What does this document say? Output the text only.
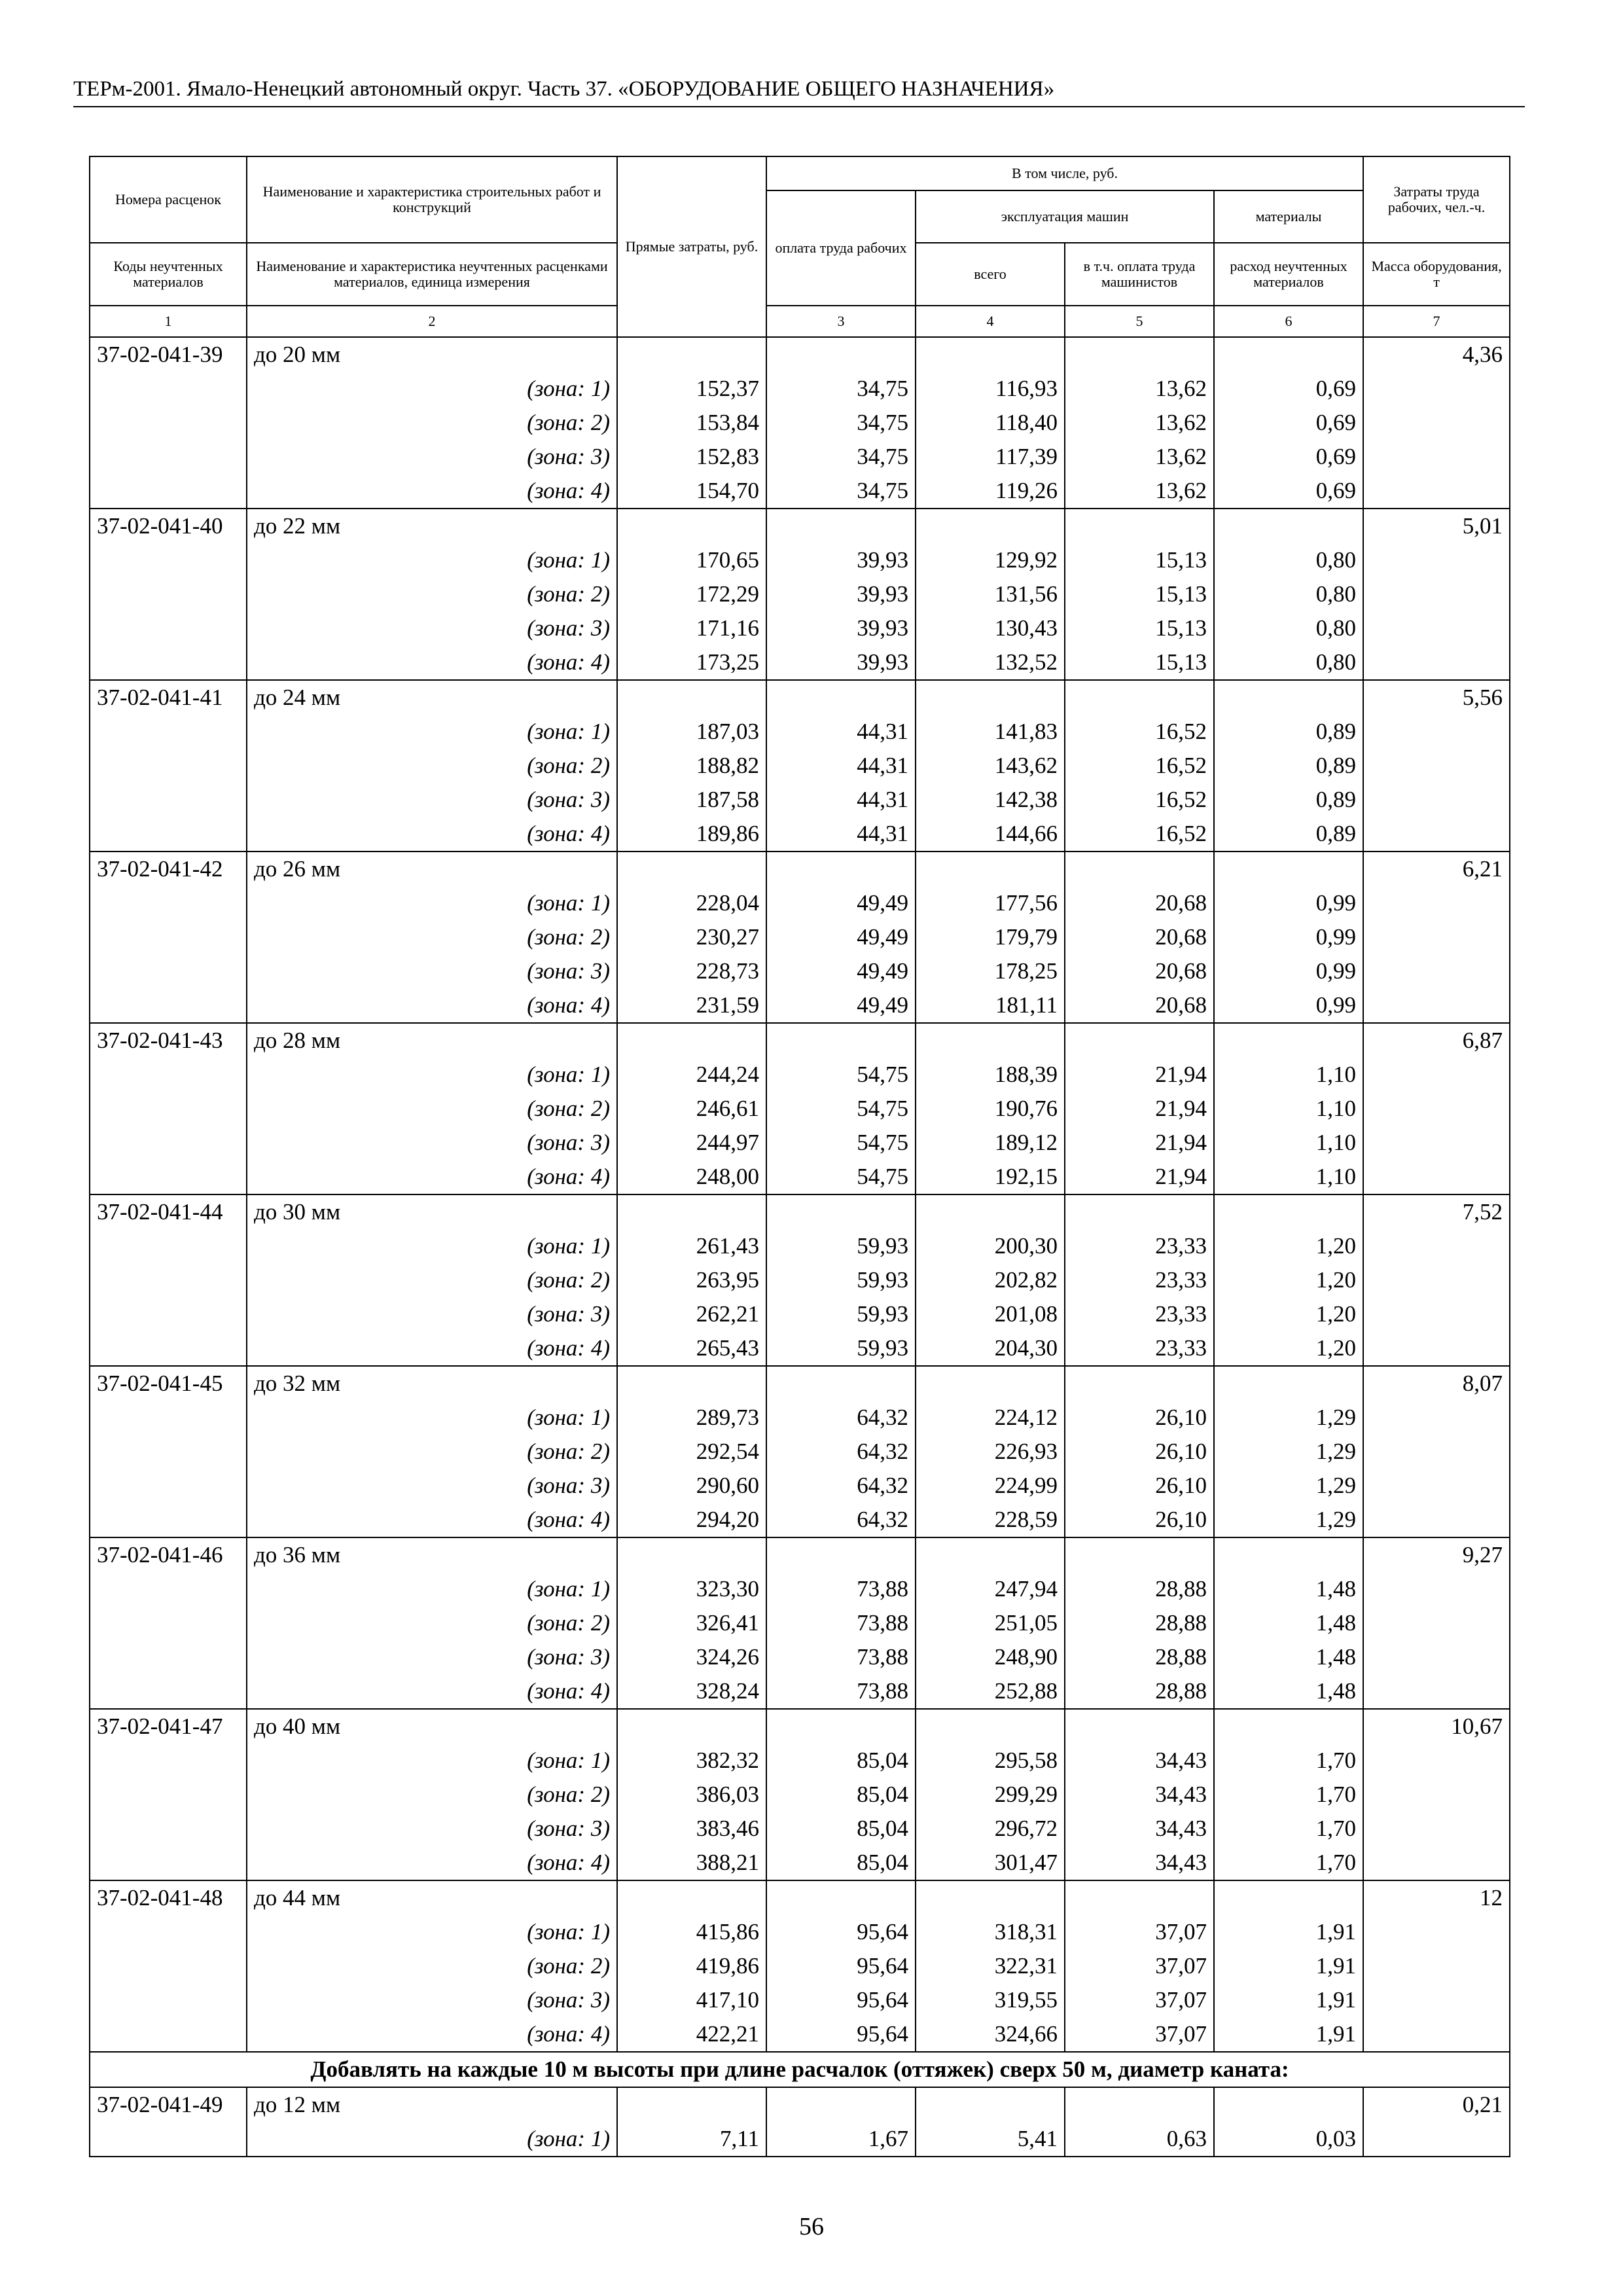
ТЕРм-2001. Ямало-Ненецкий автономный округ. Часть 37. «ОБОРУДОВАНИЕ ОБЩЕГО НАЗНАЧЕНИЯ»
Номера расценок	Наименование и характеристика строительных работ и конструкций	Прямые затраты, руб.	В том числе, руб.				Затраты труда рабочих, чел.-ч.	
			оплата труда рабочих	эксплуатация машин		материалы		
				всего	в т.ч. оплата труда машинистов	расход неучтенных материалов		
Коды неучтенных материалов	Наименование и характеристика неучтенных расценками материалов, единица измерения						Масса оборудования, т	
1	2		3	4	5	6	7	
37-02-041-39	до 20 мм						4,36	
	(зона: 1)	152,37	34,75	116,93	13,62	0,69		
	(зона: 2)	153,84	34,75	118,40	13,62	0,69		
	(зона: 3)	152,83	34,75	117,39	13,62	0,69		
	(зона: 4)	154,70	34,75	119,26	13,62	0,69		
37-02-041-40	до 22 мм						5,01	
	(зона: 1)	170,65	39,93	129,92	15,13	0,80		
	(зона: 2)	172,29	39,93	131,56	15,13	0,80		
	(зона: 3)	171,16	39,93	130,43	15,13	0,80		
	(зона: 4)	173,25	39,93	132,52	15,13	0,80		
37-02-041-41	до 24 мм						5,56	
	(зона: 1)	187,03	44,31	141,83	16,52	0,89		
	(зона: 2)	188,82	44,31	143,62	16,52	0,89		
	(зона: 3)	187,58	44,31	142,38	16,52	0,89		
	(зона: 4)	189,86	44,31	144,66	16,52	0,89		
37-02-041-42	до 26 мм						6,21	
	(зона: 1)	228,04	49,49	177,56	20,68	0,99		
	(зона: 2)	230,27	49,49	179,79	20,68	0,99		
	(зона: 3)	228,73	49,49	178,25	20,68	0,99		
	(зона: 4)	231,59	49,49	181,11	20,68	0,99		
37-02-041-43	до 28 мм						6,87	
	(зона: 1)	244,24	54,75	188,39	21,94	1,10		
	(зона: 2)	246,61	54,75	190,76	21,94	1,10		
	(зона: 3)	244,97	54,75	189,12	21,94	1,10		
	(зона: 4)	248,00	54,75	192,15	21,94	1,10		
37-02-041-44	до 30 мм						7,52	
	(зона: 1)	261,43	59,93	200,30	23,33	1,20		
	(зона: 2)	263,95	59,93	202,82	23,33	1,20		
	(зона: 3)	262,21	59,93	201,08	23,33	1,20		
	(зона: 4)	265,43	59,93	204,30	23,33	1,20		
37-02-041-45	до 32 мм						8,07	
	(зона: 1)	289,73	64,32	224,12	26,10	1,29		
	(зона: 2)	292,54	64,32	226,93	26,10	1,29		
	(зона: 3)	290,60	64,32	224,99	26,10	1,29		
	(зона: 4)	294,20	64,32	228,59	26,10	1,29		
37-02-041-46	до 36 мм						9,27	
	(зона: 1)	323,30	73,88	247,94	28,88	1,48		
	(зона: 2)	326,41	73,88	251,05	28,88	1,48		
	(зона: 3)	324,26	73,88	248,90	28,88	1,48		
	(зона: 4)	328,24	73,88	252,88	28,88	1,48		
37-02-041-47	до 40 мм						10,67	
	(зона: 1)	382,32	85,04	295,58	34,43	1,70		
	(зона: 2)	386,03	85,04	299,29	34,43	1,70		
	(зона: 3)	383,46	85,04	296,72	34,43	1,70		
	(зона: 4)	388,21	85,04	301,47	34,43	1,70		
37-02-041-48	до 44 мм						12	
	(зона: 1)	415,86	95,64	318,31	37,07	1,91		
	(зона: 2)	419,86	95,64	322,31	37,07	1,91		
	(зона: 3)	417,10	95,64	319,55	37,07	1,91		
	(зона: 4)	422,21	95,64	324,66	37,07	1,91		
Добавлять на каждые 10 м высоты при длине расчалок (оттяжек) сверх 50 м, диаметр каната:								
37-02-041-49	до 12 мм						0,21	
	(зона: 1)	7,11	1,67	5,41	0,63	0,03		
56
